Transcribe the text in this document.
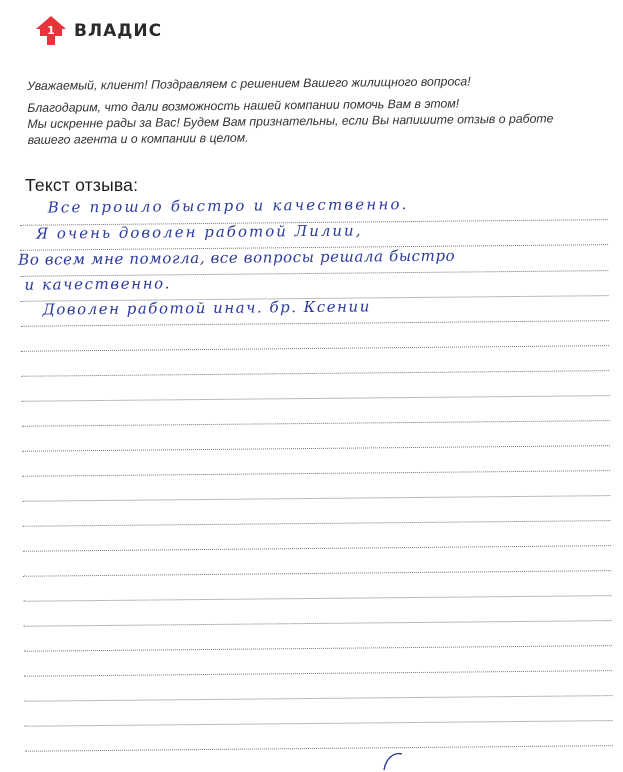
1 ВЛАДИС

Уважаемый, клиент! Поздравляем с решением Вашего жилищного вопроса!

Благодарим, что дали возможность нашей компании помочь Вам в этом!

Мы искренне рады за Вас! Будем Вам признательны, если Вы напишите отзыв о работе

вашего агента и о компании в целом.

Текст отзыва:
Все прошло быстро и качественно.
Я очень доволен работой Лилии,
Во всем мне помогла, все вопросы решала быстро
и качественно.
Доволен работой инач. бр. Ксении
